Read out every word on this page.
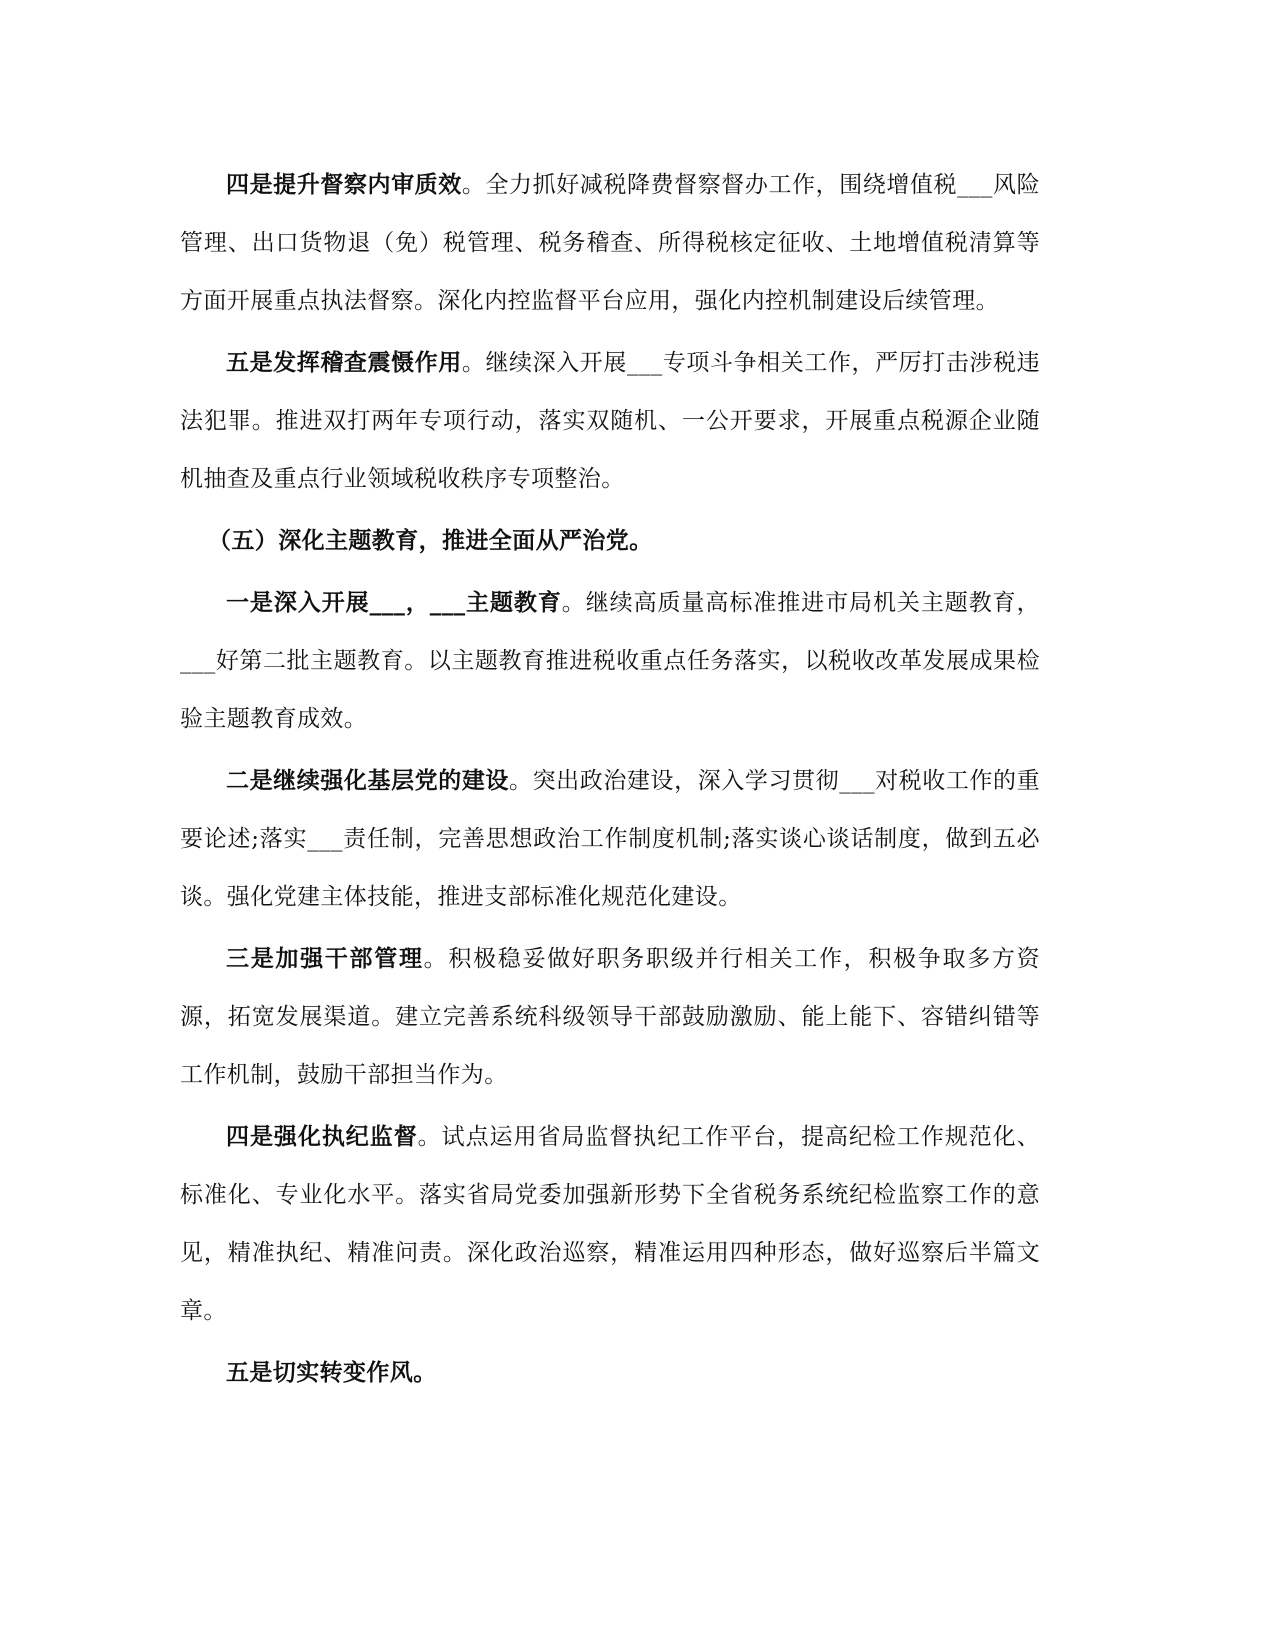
四是提升督察内审质效。全力抓好减税降费督察督办工作，围绕增值税___风险管理、出口货物退（免）税管理、税务稽查、所得税核定征收、土地增值税清算等方面开展重点执法督察。深化内控监督平台应用，强化内控机制建设后续管理。

五是发挥稽查震慑作用。继续深入开展___专项斗争相关工作，严厉打击涉税违法犯罪。推进双打两年专项行动，落实双随机、一公开要求，开展重点税源企业随机抽查及重点行业领域税收秩序专项整治。

（五）深化主题教育，推进全面从严治党。

一是深入开展___，___主题教育。继续高质量高标准推进市局机关主题教育，___好第二批主题教育。以主题教育推进税收重点任务落实，以税收改革发展成果检验主题教育成效。

二是继续强化基层党的建设。突出政治建设，深入学习贯彻___对税收工作的重要论述;落实___责任制，完善思想政治工作制度机制;落实谈心谈话制度，做到五必谈。强化党建主体技能，推进支部标准化规范化建设。

三是加强干部管理。积极稳妥做好职务职级并行相关工作，积极争取多方资源，拓宽发展渠道。建立完善系统科级领导干部鼓励激励、能上能下、容错纠错等工作机制，鼓励干部担当作为。

四是强化执纪监督。试点运用省局监督执纪工作平台，提高纪检工作规范化、标准化、专业化水平。落实省局党委加强新形势下全省税务系统纪检监察工作的意见，精准执纪、精准问责。深化政治巡察，精准运用四种形态，做好巡察后半篇文章。

五是切实转变作风。
